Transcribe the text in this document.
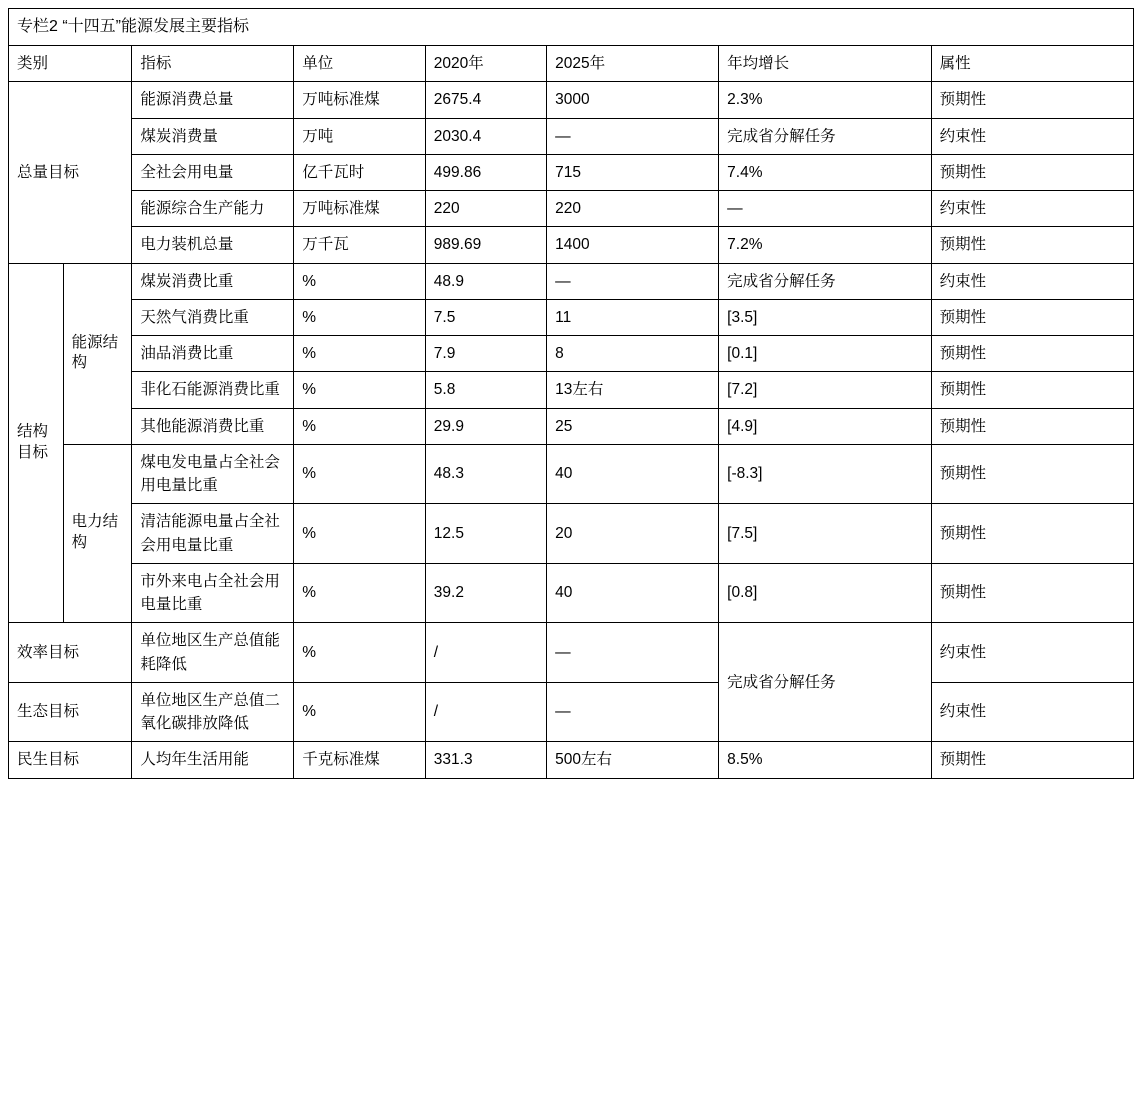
专栏2 “十四五”能源发展主要指标							
类别		指标	单位	2020年	2025年	年均增长	属性
总量目标		能源消费总量	万吨标准煤	2675.4	3000	2.3%	预期性
		煤炭消费量	万吨	2030.4	—	完成省分解任务	约束性
		全社会用电量	亿千瓦时	499.86	715	7.4%	预期性
		能源综合生产能力	万吨标准煤	220	220	—	约束性
		电力装机总量	万千瓦	989.69	1400	7.2%	预期性
结构目标	能源结构	煤炭消费比重	%	48.9	—	完成省分解任务	约束性
		天然气消费比重	%	7.5	11	[3.5]	预期性
		油品消费比重	%	7.9	8	[0.1]	预期性
		非化石能源消费比重	%	5.8	13左右	[7.2]	预期性
		其他能源消费比重	%	29.9	25	[4.9]	预期性
	电力结构	煤电发电量占全社会用电量比重	%	48.3	40	[-8.3]	预期性
		清洁能源电量占全社会用电量比重	%	12.5	20	[7.5]	预期性
		市外来电占全社会用电量比重	%	39.2	40	[0.8]	预期性
效率目标		单位地区生产总值能耗降低	%	/	—	完成省分解任务	约束性
生态目标		单位地区生产总值二氧化碳排放降低	%	/	—		约束性
民生目标		人均年生活用能	千克标准煤	331.3	500左右	8.5%	预期性
